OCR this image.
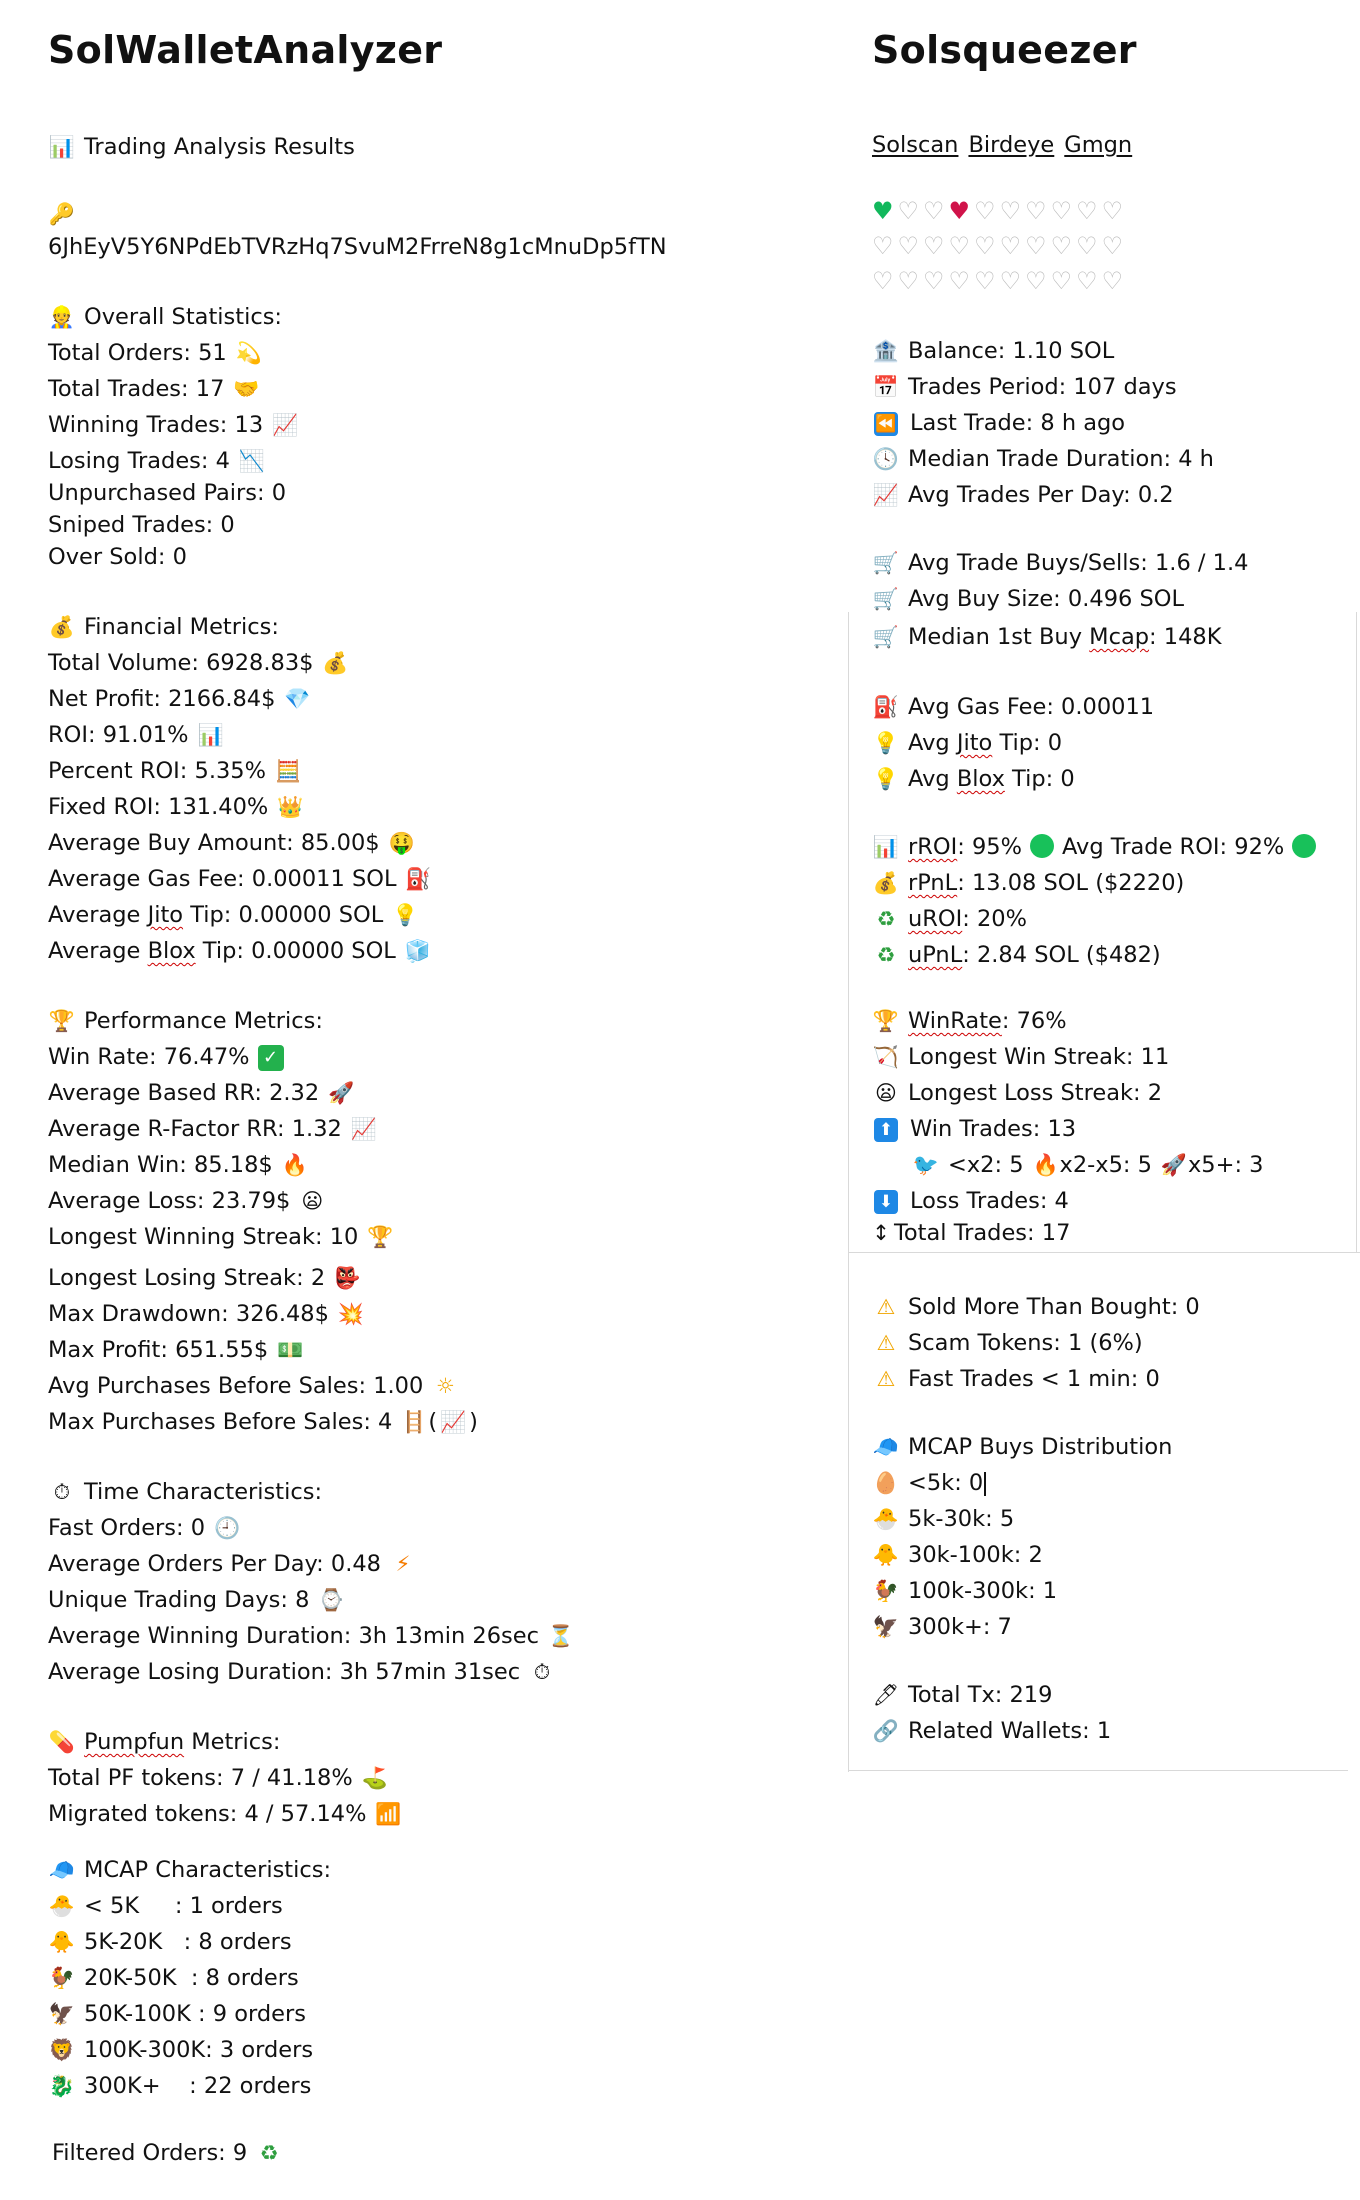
SolWalletAnalyzer
📊 Trading Analysis Results
🔑
6JhEyV5Y6NPdEbTVRzHq7SvuM2FrreN8g1cMnuDp5fTN
👷 Overall Statistics:
Total Orders: 51 💫
Total Trades: 17 🤝
Winning Trades: 13 📈
Losing Trades: 4 📉
Unpurchased Pairs: 0
Sniped Trades: 0
Over Sold: 0
💰 Financial Metrics:
Total Volume: 6928.83$ 💰
Net Profit: 2166.84$ 💎
ROI: 91.01% 📊
Percent ROI: 5.35% 🧮
Fixed ROI: 131.40% 👑
Average Buy Amount: 85.00$ 🤑
Average Gas Fee: 0.00011 SOL ⛽
Average Jito Tip: 0.00000 SOL 💡
Average Blox Tip: 0.00000 SOL 🧊
🏆 Performance Metrics:
Win Rate: 76.47% ✓
Average Based RR: 2.32 🚀
Average R-Factor RR: 1.32 📈
Median Win: 85.18$ 🔥
Average Loss: 23.79$ 😦
Longest Winning Streak: 10 🏆
Longest Losing Streak: 2 👺
Max Drawdown: 326.48$ 💥
Max Profit: 651.55$ 💵
Avg Purchases Before Sales: 1.00 ☼
Max Purchases Before Sales: 4 🪜( 📈 )
⏱ Time Characteristics:
Fast Orders: 0 🕘
Average Orders Per Day: 0.48 ⚡
Unique Trading Days: 8 ⌚
Average Winning Duration: 3h 13min 26sec ⏳
Average Losing Duration: 3h 57min 31sec ⏱
💊 Pumpfun Metrics:
Total PF tokens: 7 / 41.18% ⛳
Migrated tokens: 4 / 57.14% 📶
🧢 MCAP Characteristics:
🐣 < 5K     : 1 orders
🐥 5K-20K   : 8 orders
🐓 20K-50K  : 8 orders
🦅 50K-100K : 9 orders
🦁 100K-300K: 3 orders
🐉 300K+    : 22 orders
Filtered Orders: 9 ♻
Solsqueezer
Solscan Birdeye Gmgn
♥♡♡♥♡♡♡♡♡♡
♡♡♡♡♡♡♡♡♡♡
♡♡♡♡♡♡♡♡♡♡
🏦 Balance: 1.10 SOL
📅 Trades Period: 107 days
⏪ Last Trade: 8 h ago
🕓 Median Trade Duration: 4 h
📈 Avg Trades Per Day: 0.2
🛒 Avg Trade Buys/Sells: 1.6 / 1.4
🛒 Avg Buy Size: 0.496 SOL
🛒 Median 1st Buy Mcap: 148K
⛽ Avg Gas Fee: 0.00011
💡 Avg Jito Tip: 0
💡 Avg Blox Tip: 0
📊 rROI: 95% Avg Trade ROI: 92%
💰 rPnL: 13.08 SOL ($2220)
♻ uROI: 20%
♻ uPnL: 2.84 SOL ($482)
🏆 WinRate: 76%
🏹 Longest Win Streak: 11
😦 Longest Loss Streak: 2
⬆ Win Trades: 13
🐦 <x2: 5 🔥x2-x5: 5 🚀x5+: 3
⬇ Loss Trades: 4
↕ Total Trades: 17
⚠ Sold More Than Bought: 0
⚠ Scam Tokens: 1 (6%)
⚠ Fast Trades < 1 min: 0
🧢 MCAP Buys Distribution
🥚 <5k: 0
🐣 5k-30k: 5
🐥 30k-100k: 2
🐓 100k-300k: 1
🦅 300k+: 7
🖊 Total Tx: 219
🔗 Related Wallets: 1
